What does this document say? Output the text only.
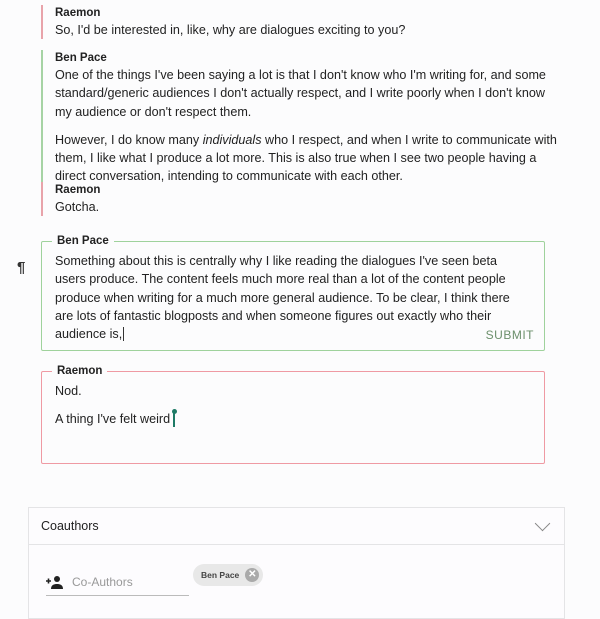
Raemon

So, I'd be interested in, like, why are dialogues exciting to you?

Ben Pace

One of the things I've been saying a lot is that I don't know who I'm writing for, and some standard/generic audiences I don't actually respect, and I write poorly when I don't know my audience or don't respect them.

However, I do know many individuals who I respect, and when I write to communicate with them, I like what I produce a lot more. This is also true when I see two people having a direct conversation, intending to communicate with each other.

Raemon

Gotcha.

¶
Ben Pace

Something about this is centrally why I like reading the dialogues I've seen beta users produce. The content feels much more real than a lot of the content people produce when writing for a much more general audience. To be clear, I think there are lots of fantastic blogposts and when someone figures out exactly who their audience is,	SUBMIT
Raemon

Nod.

A thing I've felt weird

Coauthors
Co-Authors	Ben Pace ✕
